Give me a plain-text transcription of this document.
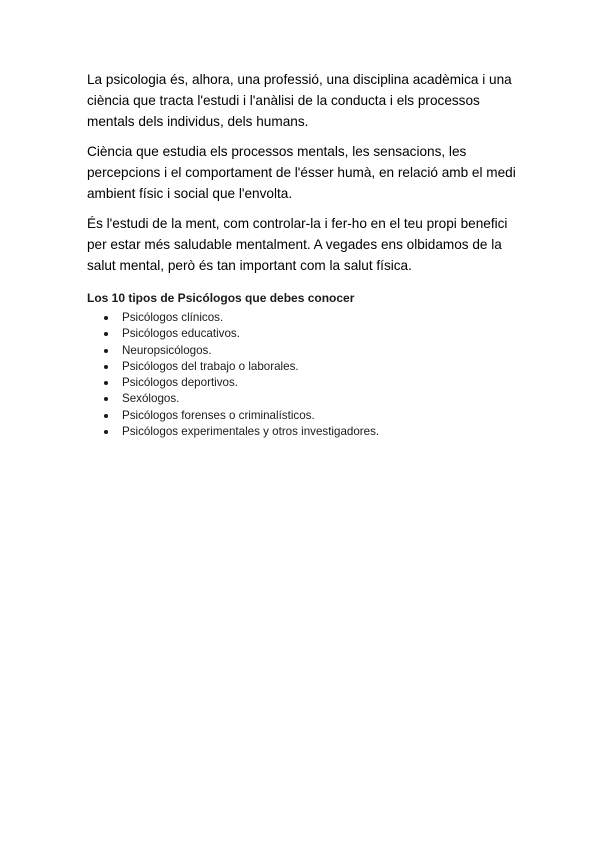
La psicologia és, alhora, una professió, una disciplina acadèmica i una ciència que tracta l'estudi i l'anàlisi de la conducta i els processos mentals dels individus, dels humans.

Ciència que estudia els processos mentals, les sensacions, les percepcions i el comportament de l'ésser humà, en relació amb el medi ambient físic i social que l'envolta.

És l'estudi de la ment, com controlar-la i fer-ho en el teu propi benefici per estar més saludable mentalment. A vegades ens olbidamos de la salut mental, però és tan important com la salut física.

Los 10 tipos de Psicólogos que debes conocer
Psicólogos clínicos.
Psicólogos educativos.
Neuropsicólogos.
Psicólogos del trabajo o laborales.
Psicólogos deportivos.
Sexólogos.
Psicólogos forenses o criminalísticos.
Psicólogos experimentales y otros investigadores.
